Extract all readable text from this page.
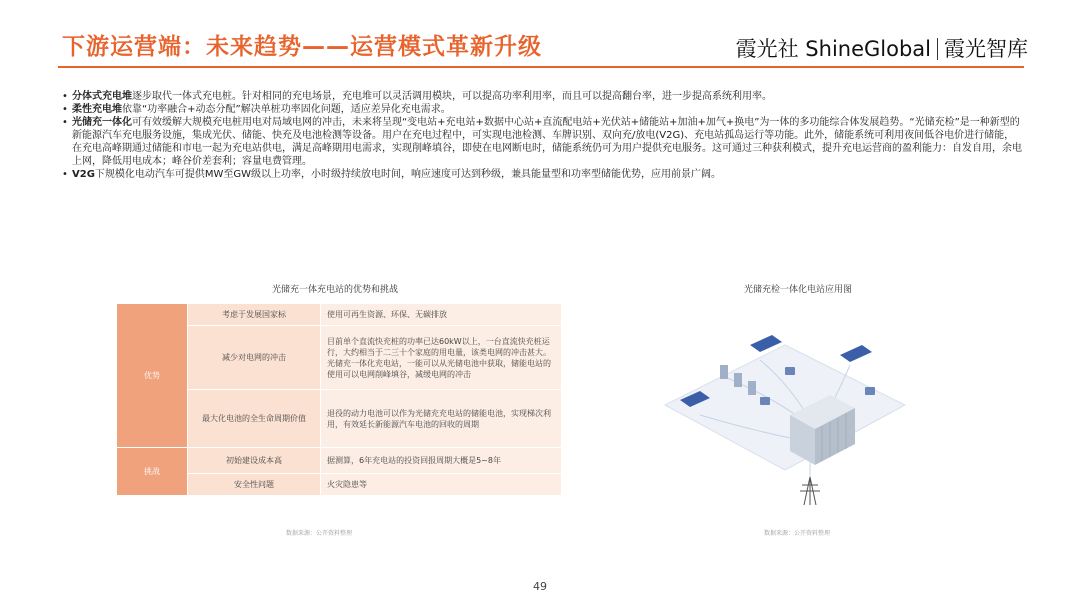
下游运营端：未来趋势——运营模式革新升级	霞光社 ShineGlobal 霞光智库

• 分体式充电堆逐步取代一体式充电桩。针对相同的充电场景，充电堆可以灵活调用模块，可以提高功率利用率，而且可以提高翻台率，进一步提高系统利用率。

• 柔性充电堆依靠“功率融合+动态分配”解决单桩功率固化问题，适应差异化充电需求。

• 光储充一体化可有效缓解大规模充电桩用电对局域电网的冲击，未来将呈现“变电站+充电站+数据中心站+直流配电站+光伏站+储能站+加油+加气+换电”为一体的多功能综合体发展趋势。“光储充检”是一种新型的新能源汽车充电服务设施，集成光伏、储能、快充及电池检测等设备。用户在充电过程中，可实现电池检测、车牌识别、双向充/放电(V2G)、充电站孤岛运行等功能。此外，储能系统可利用夜间低谷电价进行储能，在充电高峰期通过储能和市电一起为充电站供电，满足高峰期用电需求，实现削峰填谷，即使在电网断电时，储能系统仍可为用户提供充电服务。这可通过三种获利模式，提升充电运营商的盈利能力：自发自用，余电上网，降低用电成本；峰谷价差套利；容量电费管理。

• V2G下规模化电动汽车可提供MW至GW级以上功率，小时级持续放电时间，响应速度可达到秒级，兼具能量型和功率型储能优势，应用前景广阔。

光储充一体充电站的优势和挑战
优势	考虑于发展国家标	使用可再生资源、环保、无碳排放
	减少对电网的冲击	目前单个直流快充桩的功率已达60kW以上，一台直流快充桩运行，大约相当于二三十个家庭的用电量，该类电网的冲击甚大。光储充一体化充电站，一能可以从光储电池中获取，储能电站的使用可以电网削峰填谷，减缓电网的冲击
	最大化电池的全生命周期价值	退役的动力电池可以作为光储充充电站的储能电池，实现梯次利用，有效延长新能源汽车电池的回收的周期
挑战	初始建设成本高	据测算，6年充电站的投资回报周期大概是5~8年
	安全性问题	火灾隐患等
数据来源：公开资料整理
光储充检一体化电站应用图
数据来源：公开资料整理
49
